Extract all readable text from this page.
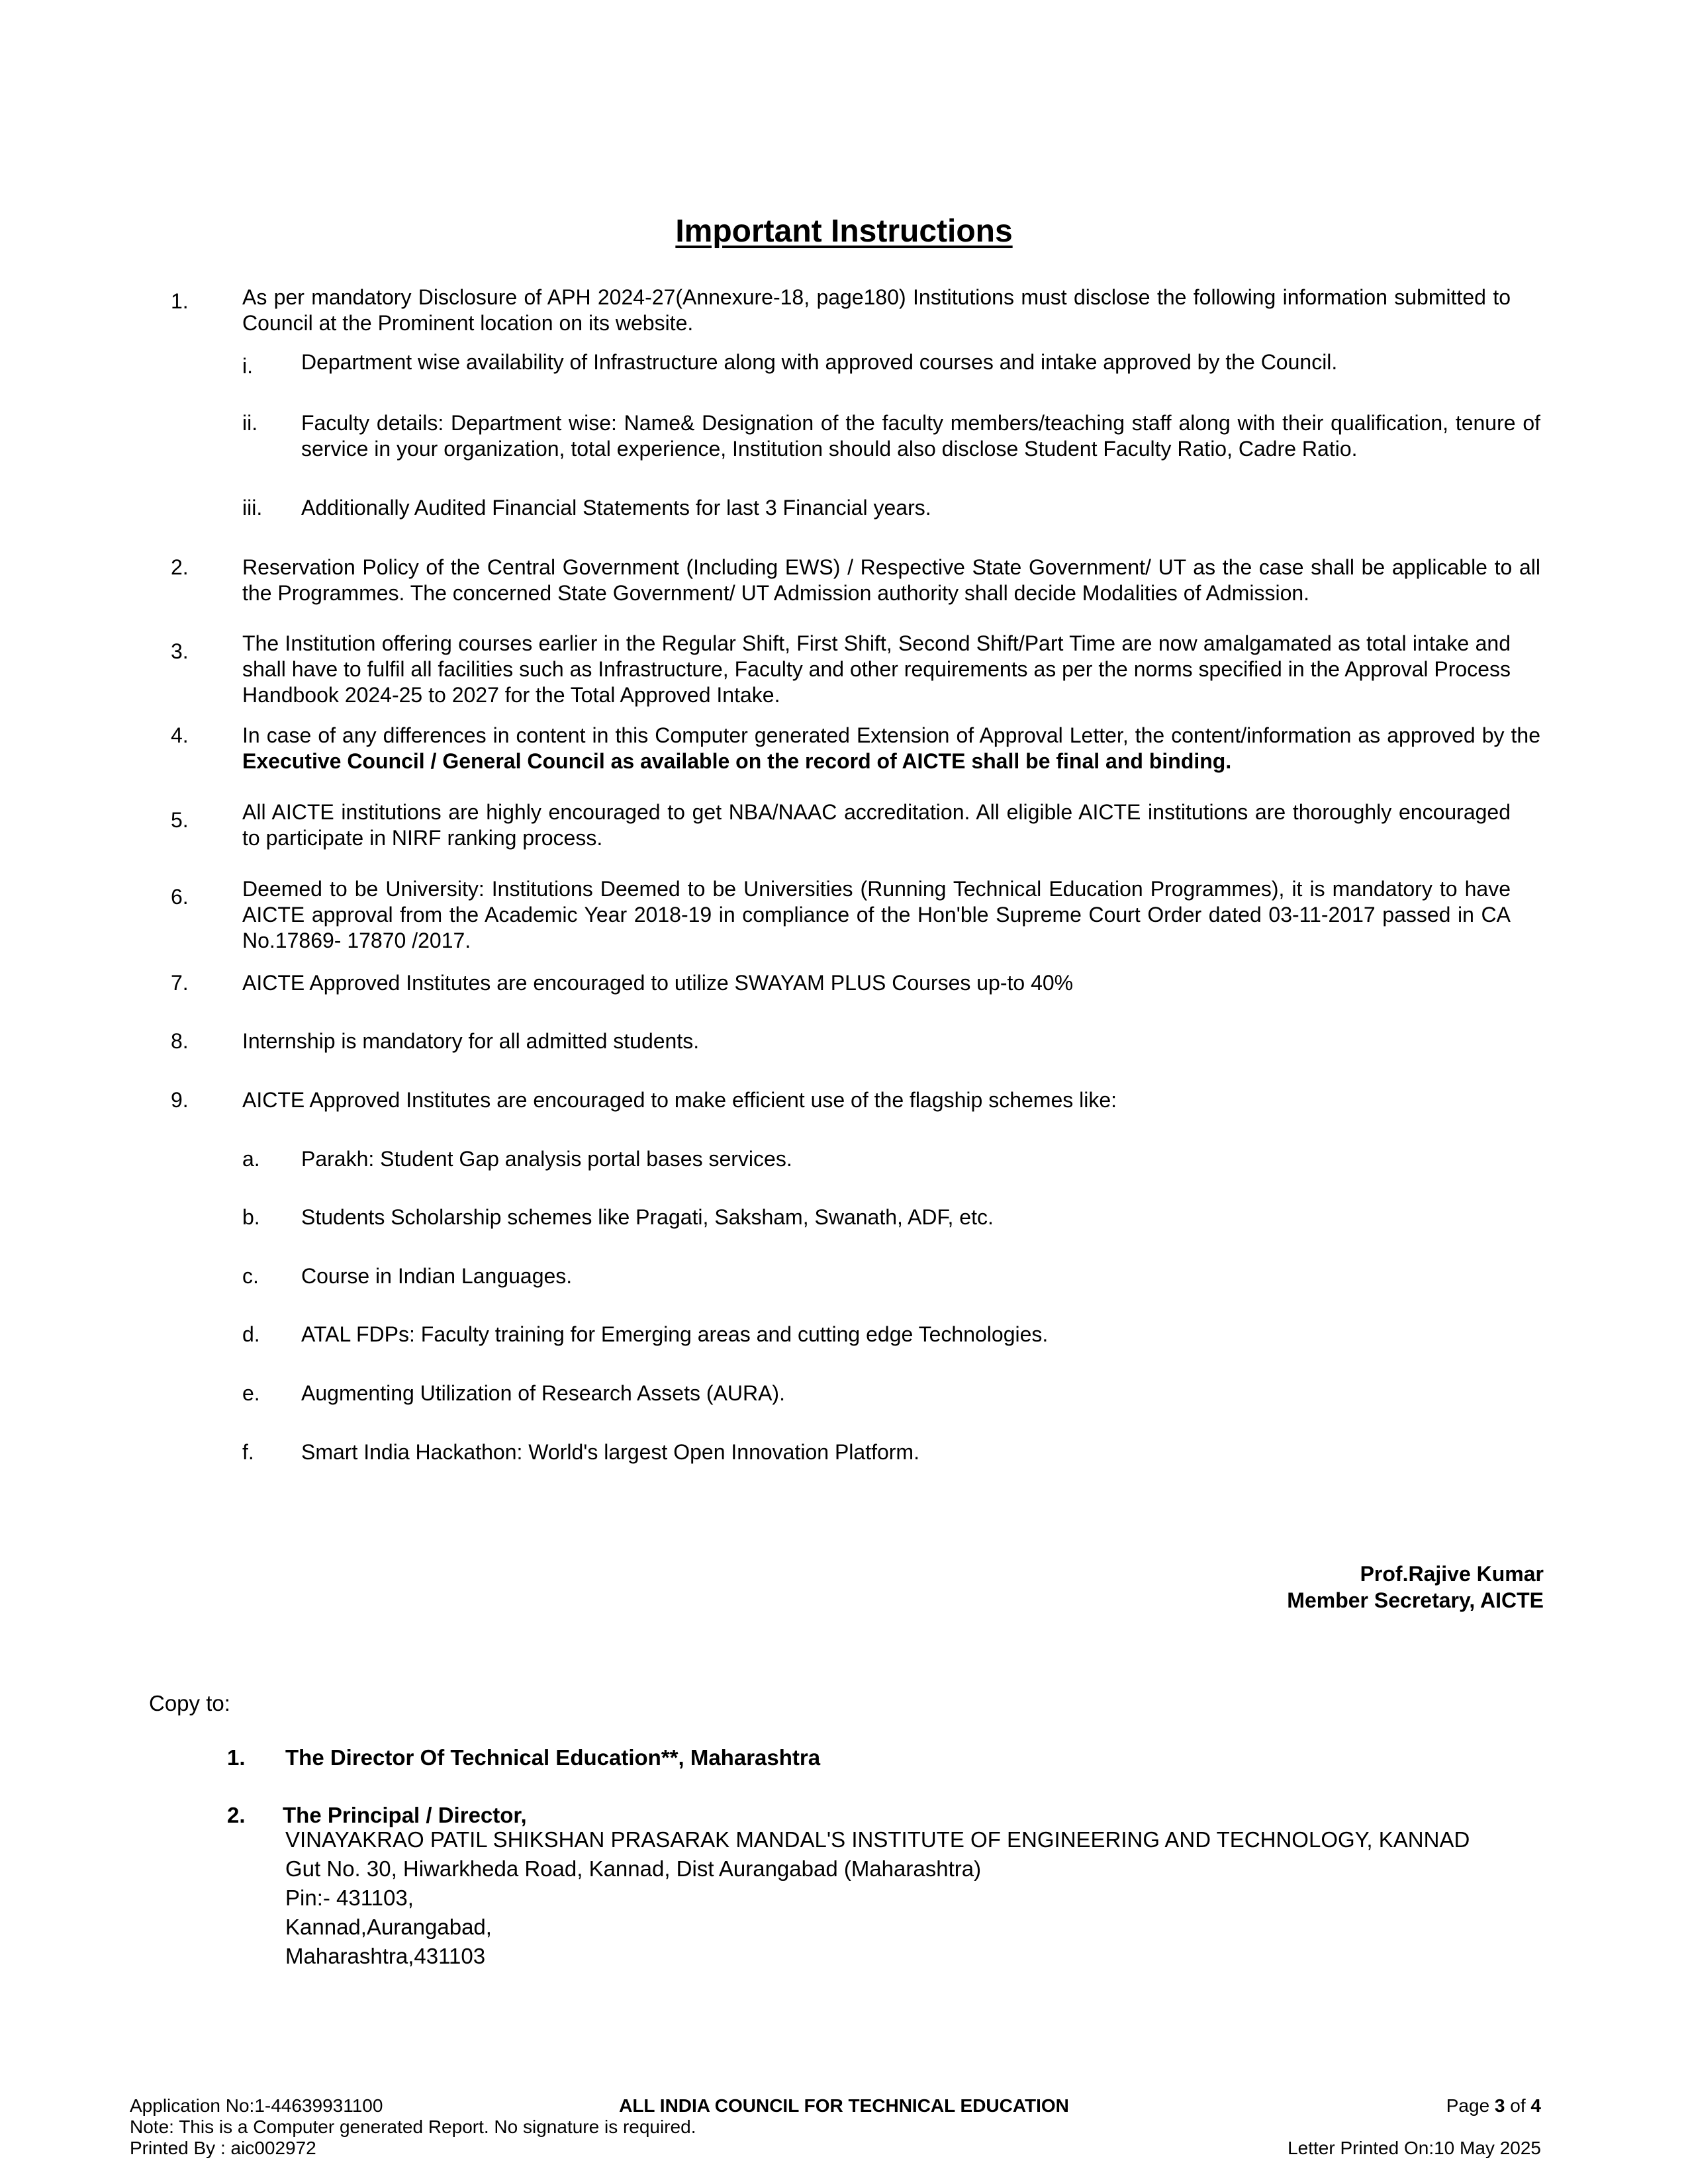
Important Instructions
1.	As per mandatory Disclosure of APH 2024-27(Annexure-18, page180) Institutions must disclose the following information submitted to Council at the Prominent location on its website.
i. Department wise availability of Infrastructure along with approved courses and intake approved by the Council.
ii. Faculty details: Department wise: Name& Designation of the faculty members/teaching staff along with their qualification, tenure of service in your organization, total experience, Institution should also disclose Student Faculty Ratio, Cadre Ratio.
iii. Additionally Audited Financial Statements for last 3 Financial years.
2.	Reservation Policy of the Central Government (Including EWS) / Respective State Government/ UT as the case shall be applicable to all the Programmes. The concerned State Government/ UT Admission authority shall decide Modalities of Admission.
3.	The Institution offering courses earlier in the Regular Shift, First Shift, Second Shift/Part Time are now amalgamated as total intake and shall have to fulfil all facilities such as Infrastructure, Faculty and other requirements as per the norms specified in the Approval Process Handbook 2024-25 to 2027 for the Total Approved Intake.
4.	In case of any differences in content in this Computer generated Extension of Approval Letter, the content/information as approved by the Executive Council / General Council as available on the record of AICTE shall be final and binding.
5.	All AICTE institutions are highly encouraged to get NBA/NAAC accreditation. All eligible AICTE institutions are thoroughly encouraged to participate in NIRF ranking process.
6.	Deemed to be University: Institutions Deemed to be Universities (Running Technical Education Programmes), it is mandatory to have AICTE approval from the Academic Year 2018-19 in compliance of the Hon'ble Supreme Court Order dated 03-11-2017 passed in CA No.17869- 17870 /2017.
7.	AICTE Approved Institutes are encouraged to utilize SWAYAM PLUS Courses up-to 40%
8.	Internship is mandatory for all admitted students.
9.	AICTE Approved Institutes are encouraged to make efficient use of the flagship schemes like:
a. Parakh: Student Gap analysis portal bases services.
b. Students Scholarship schemes like Pragati, Saksham, Swanath, ADF, etc.
c. Course in Indian Languages.
d. ATAL FDPs: Faculty training for Emerging areas and cutting edge Technologies.
e. Augmenting Utilization of Research Assets (AURA).
f. Smart India Hackathon: World's largest Open Innovation Platform.
Prof.Rajive Kumar
Member Secretary, AICTE
Copy to:
1. The Director Of Technical Education**, Maharashtra
2. The Principal / Director,
VINAYAKRAO PATIL SHIKSHAN PRASARAK MANDAL'S INSTITUTE OF ENGINEERING AND TECHNOLOGY, KANNAD
Gut No. 30, Hiwarkheda Road, Kannad, Dist Aurangabad (Maharashtra)
Pin:- 431103,
Kannad,Aurangabad,
Maharashtra,431103
Application No:1-44639931100	ALL INDIA COUNCIL FOR TECHNICAL EDUCATION	Page 3 of 4
Note: This is a Computer generated Report. No signature is required.
Printed By : aic002972	Letter Printed On:10 May 2025
